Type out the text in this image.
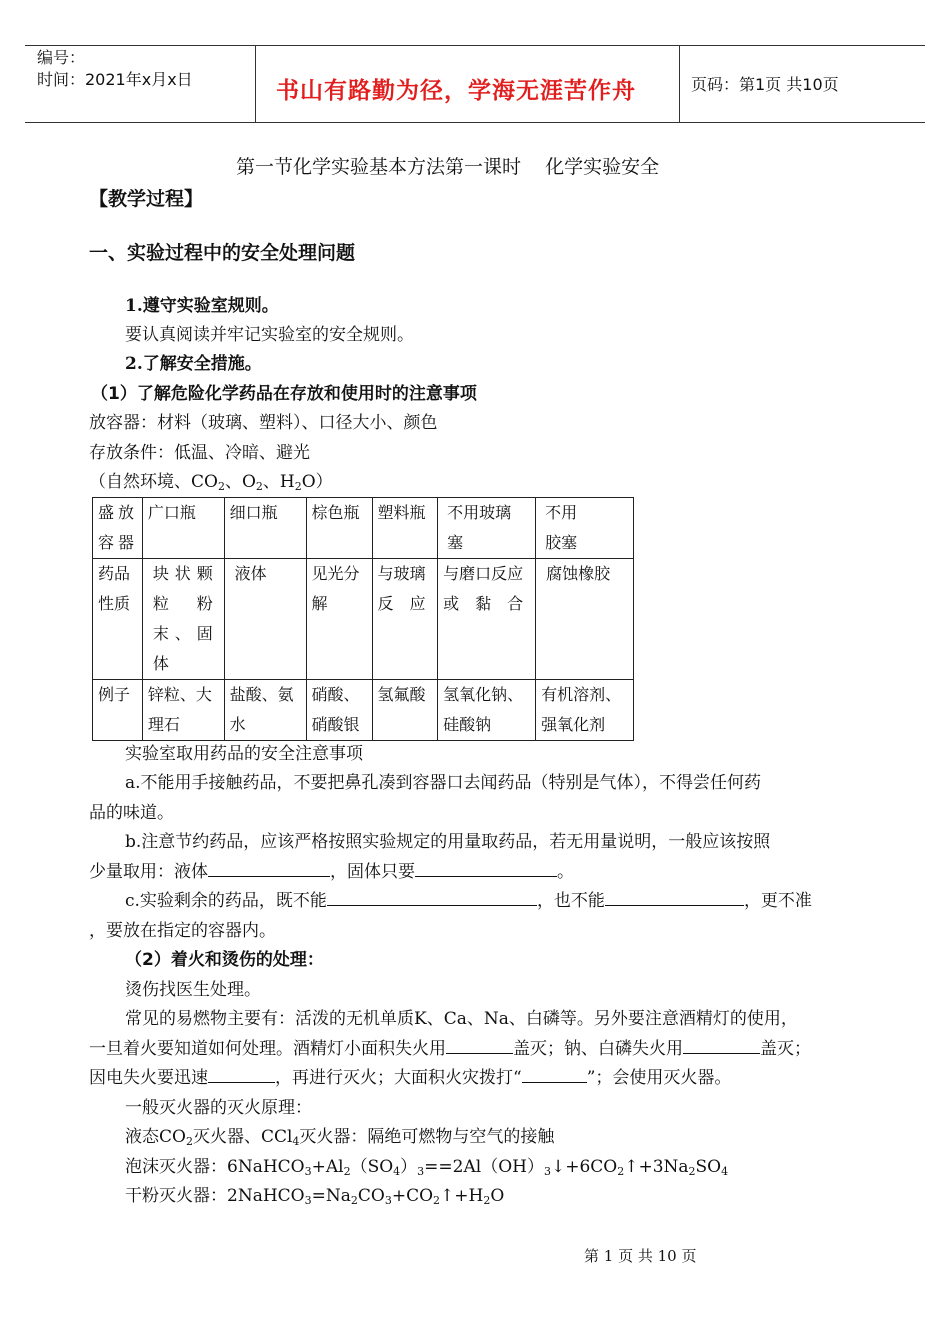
编号：
时间：2021年x月x日	书山有路勤为径，学海无涯苦作舟	页码：第1页 共10页
第一节化学实验基本方法第一课时    化学实验安全
【教学过程】
一、实验过程中的安全处理问题
1.遵守实验室规则。
要认真阅读并牢记实验室的安全规则。
2.了解安全措施。
（1）了解危险化学药品在存放和使用时的注意事项
放容器：材料（玻璃、塑料）、口径大小、颜色
存放条件：低温、冷暗、避光
（自然环境、$CO_2$、$O_2$、$H_2O$）
盛放容器	广口瓶	细口瓶	棕色瓶	塑料瓶	不用玻璃塞	不用胶塞

药品性质	块状颗粒粉末、固体	液体	见光分解	与玻璃反应	与磨口反应或黏合	腐蚀橡胶

例子	锌粒、大理石	盐酸、氨水	硝酸、硝酸银	氢氟酸	氢氧化钠、硅酸钠	有机溶剂、强氧化剂
实验室取用药品的安全注意事项
a.不能用手接触药品，不要把鼻孔凑到容器口去闻药品（特别是气体），不得尝任何药
品的味道。
b.注意节约药品，应该严格按照实验规定的用量取药品，若无用量说明，一般应该按照
少量取用：液体	，固体只要	。
c.实验剩余的药品，既不能	，也不能	，更不准
，要放在指定的容器内。
（2）着火和烫伤的处理：
烫伤找医生处理。
常见的易燃物主要有：活泼的无机单质K、Ca、Na、白磷等。另外要注意酒精灯的使用，
一旦着火要知道如何处理。酒精灯小面积失火用	盖灭；钠、白磷失火用	盖灭；
因电失火要迅速	，再进行灭火；大面积火灾拨打“	”；会使用灭火器。
一般灭火器的灭火原理：
液态$CO_2$灭火器、CCl$_4$灭火器：隔绝可燃物与空气的接触
泡沫灭火器：$6NaHCO_3+Al_2(SO_4)_3==2Al(OH)_3↓+6CO_2↑+3Na_2SO_4$
干粉灭火器：$2NaHCO_3=Na_2CO_3+CO_2↑+H_2O$
第 1 页 共 10 页
